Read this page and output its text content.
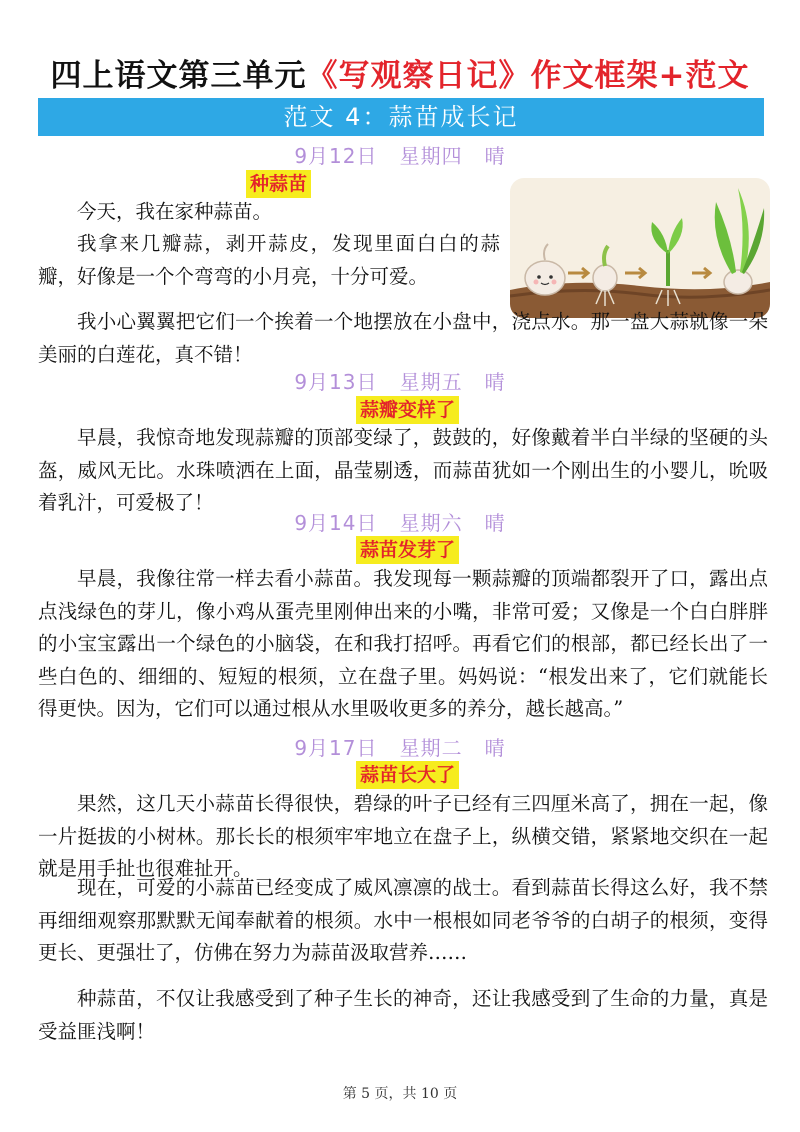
四上语文第三单元《写观察日记》作文框架+范文
范文 4：蒜苗成长记
9月12日   星期四   晴
种蒜苗

今天，我在家种蒜苗。

我拿来几瓣蒜，剥开蒜皮，发现里面白白的蒜瓣，好像是一个个弯弯的小月亮，十分可爱。

我小心翼翼把它们一个挨着一个地摆放在小盘中，浇点水。那一盘大蒜就像一朵美丽的白莲花，真不错！

9月13日   星期五   晴
蒜瓣变样了

早晨，我惊奇地发现蒜瓣的顶部变绿了，鼓鼓的，好像戴着半白半绿的坚硬的头盔，威风无比。水珠喷洒在上面，晶莹剔透，而蒜苗犹如一个刚出生的小婴儿，吮吸着乳汁，可爱极了！

9月14日   星期六   晴
蒜苗发芽了

早晨，我像往常一样去看小蒜苗。我发现每一颗蒜瓣的顶端都裂开了口，露出点点浅绿色的芽儿，像小鸡从蛋壳里刚伸出来的小嘴，非常可爱；又像是一个白白胖胖的小宝宝露出一个绿色的小脑袋，在和我打招呼。再看它们的根部，都已经长出了一些白色的、细细的、短短的根须，立在盘子里。妈妈说：“根发出来了，它们就能长得更快。因为，它们可以通过根从水里吸收更多的养分，越长越高。”

9月17日   星期二   晴
蒜苗长大了

果然，这几天小蒜苗长得很快，碧绿的叶子已经有三四厘米高了，拥在一起，像一片挺拔的小树林。那长长的根须牢牢地立在盘子上，纵横交错，紧紧地交织在一起就是用手扯也很难扯开。

现在，可爱的小蒜苗已经变成了威风凛凛的战士。看到蒜苗长得这么好，我不禁再细细观察那默默无闻奉献着的根须。水中一根根如同老爷爷的白胡子的根须，变得更长、更强壮了，仿佛在努力为蒜苗汲取营养……

种蒜苗，不仅让我感受到了种子生长的神奇，还让我感受到了生命的力量，真是受益匪浅啊！

第 5 页，共 10 页
